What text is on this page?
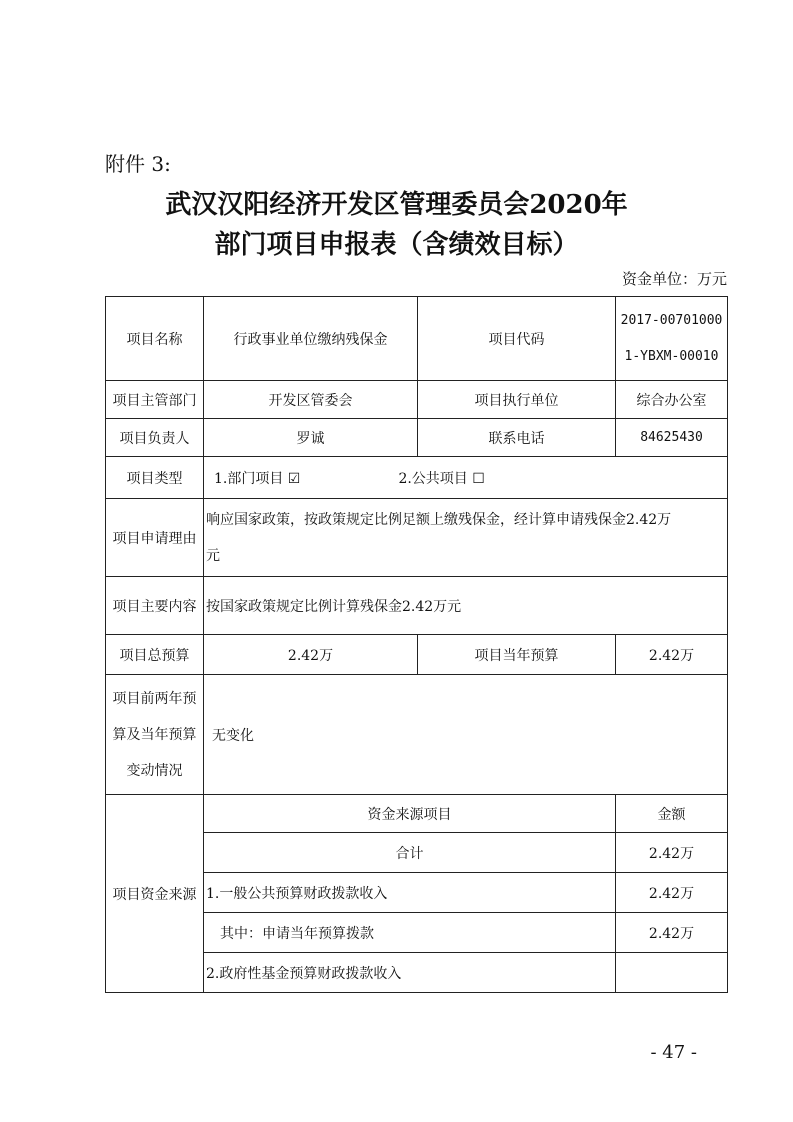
附件 3:
武汉汉阳经济开发区管理委员会2020年
部门项目申报表（含绩效目标）
资金单位：万元
项目名称	行政事业单位缴纳残保金	项目代码	2017-00701000
1-YBXM-00010

项目主管部门	开发区管委会	项目执行单位	综合办公室
项目负责人	罗诚	联系电话	84625430
项目类型	1.部门项目 ☑ 2.公共项目 ☐		
项目申请理由	响应国家政策，按政策规定比例足额上缴残保金，经计算申请残保金2.42万
元		

项目主要内容	按国家政策规定比例计算残保金2.42万元		
项目总预算	2.42万	项目当年预算	2.42万

项目前两年预
算及当年预算
变动情况	无变化		
项目资金来源	资金来源项目		金额
	合计		2.42万
	1.一般公共预算财政拨款收入		2.42万
	其中：申请当年预算拨款		2.42万
	2.政府性基金预算财政拨款收入		
- 47 -
